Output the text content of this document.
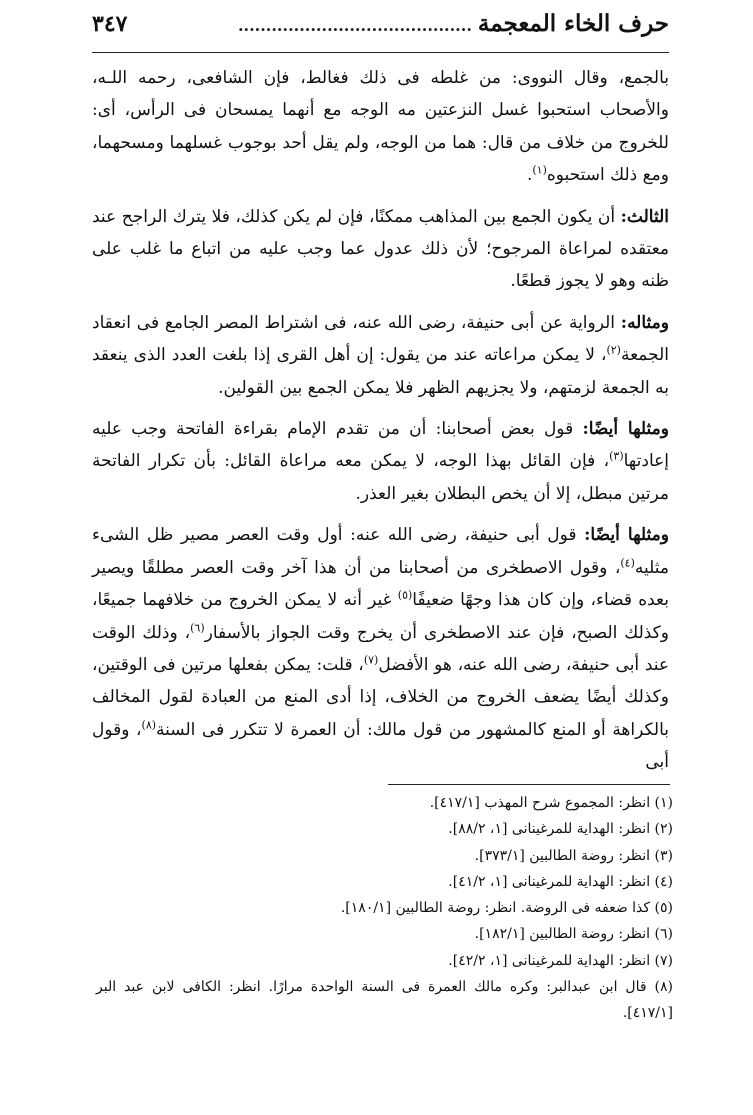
حرف الخاء المعجمة
..........................................
٣٤٧

بالجمع، وقال النووى: من غلطه فى ذلك فغالط، فإن الشافعى، رحمه اللـه، والأصحاب استحبوا غسل النزعتين مه الوجه مع أنهما يمسحان فى الرأس، أى: للخروج من خلاف من قال: هما من الوجه، ولم يقل أحد بوجوب غسلهما ومسحهما، ومع ذلك استحبوه$^{(١)}$.

الثالث: أن يكون الجمع بين المذاهب ممكنًا، فإن لم يكن كذلك، فلا يترك الراجح عند معتقده لمراعاة المرجوح؛ لأن ذلك عدول عما وجب عليه من اتباع ما غلب على ظنه وهو لا يجوز قطعًا.

ومثاله: الرواية عن أبى حنيفة، رضى الله عنه، فى اشتراط المصر الجامع فى انعقاد الجمعة$^{(٢)}$، لا يمكن مراعاته عند من يقول: إن أهل القرى إذا بلغت العدد الذى ينعقد به الجمعة لزمتهم، ولا يجزيهم الظهر فلا يمكن الجمع بين القولين.

ومثلها أيضًا: قول بعض أصحابنا: أن من تقدم الإمام بقراءة الفاتحة وجب عليه إعادتها$^{(٣)}$، فإن القائل بهذا الوجه، لا يمكن معه مراعاة القائل: بأن تكرار الفاتحة مرتين مبطل، إلا أن يخص البطلان بغير العذر.

ومثلها أيضًا: قول أبى حنيفة، رضى الله عنه: أول وقت العصر مصير ظل الشىء مثليه$^{(٤)}$، وقول الاصطخرى من أصحابنا من أن هذا آخر وقت العصر مطلقًا ويصير بعده قضاء، وإن كان هذا وجهًا ضعيفًا$^{(٥)}$ غير أنه لا يمكن الخروج من خلافهما جميعًا، وكذلك الصبح، فإن عند الاصطخرى أن يخرج وقت الجواز بالأسفار$^{(٦)}$، وذلك الوقت عند أبى حنيفة، رضى الله عنه، هو الأفضل$^{(٧)}$، قلت: يمكن بفعلها مرتين فى الوقتين، وكذلك أيضًا يضعف الخروج من الخلاف، إذا أدى المنع من العبادة لقول المخالف بالكراهة أو المنع كالمشهور من قول مالك: أن العمرة لا تتكرر فى السنة$^{(٨)}$، وقول أبى

(١) انظر: المجموع شرح المهذب [٤١٧/١].
(٢) انظر: الهداية للمرغينانى [١، ٨٨/٢].
(٣) انظر: روضة الطالبين [٣٧٣/١].
(٤) انظر: الهداية للمرغينانى [١، ٤١/٢].
(٥) كذا ضعفه فى الروضة. انظر: روضة الطالبين [١٨٠/١].
(٦) انظر: روضة الطالبين [١٨٢/١].
(٧) انظر: الهداية للمرغينانى [١، ٤٢/٢].
(٨) قال ابن عبدالبر: وكره مالك العمرة فى السنة الواحدة مرارًا. انظر: الكافى لابن عبد البر [٤١٧/١].
